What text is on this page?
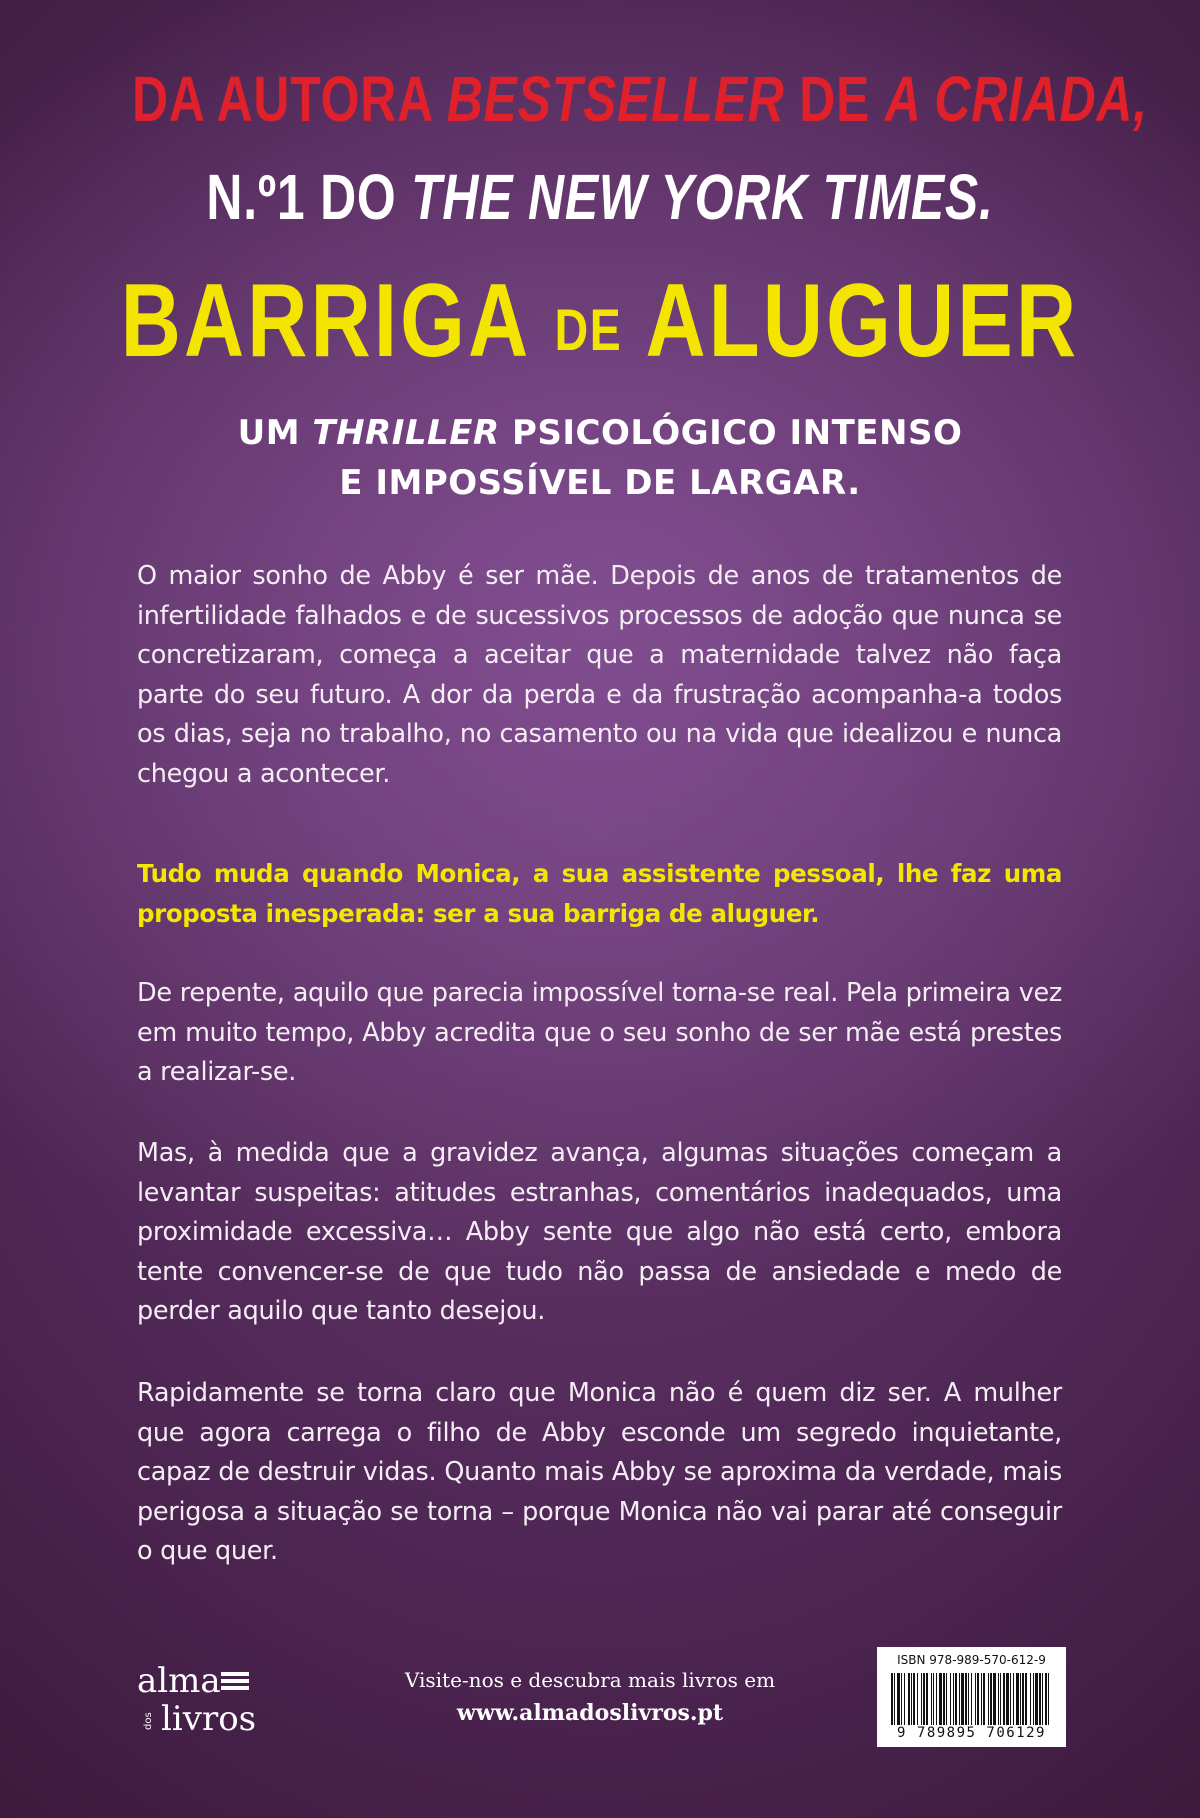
DA AUTORA BESTSELLER DE A CRIADA,
N.º1 DO THE NEW YORK TIMES.
BARRIGA DE ALUGUER
UM THRILLER PSICOLÓGICO INTENSO
E IMPOSSÍVEL DE LARGAR.

O maior sonho de Abby é ser mãe. Depois de anos de tratamentos de infertilidade falhados e de sucessivos processos de adoção que nunca se concretizaram, começa a aceitar que a maternidade talvez não faça parte do seu futuro. A dor da perda e da frustração acompanha-a todos os dias, seja no trabalho, no casamento ou na vida que idealizou e nunca chegou a acontecer.

Tudo muda quando Monica, a sua assistente pessoal, lhe faz uma proposta inesperada: ser a sua barriga de aluguer.

De repente, aquilo que parecia impossível torna-se real. Pela primeira vez em muito tempo, Abby acredita que o seu sonho de ser mãe está prestes a realizar-se.

Mas, à medida que a gravidez avança, algumas situações começam a levantar suspeitas: atitudes estranhas, comentários inadequados, uma proximidade excessiva… Abby sente que algo não está certo, embora tente convencer-se de que tudo não passa de ansiedade e medo de perder aquilo que tanto desejou.

Rapidamente se torna claro que Monica não é quem diz ser. A mulher que agora carrega o filho de Abby esconde um segredo inquietante, capaz de destruir vidas. Quanto mais Abby se aproxima da verdade, mais perigosa a situação se torna – porque Monica não vai parar até conseguir o que quer.

alma
dos livros
Visite-nos e descubra mais livros em
www.almadoslivros.pt
ISBN 978-989-570-612-9
9 789895 706129
